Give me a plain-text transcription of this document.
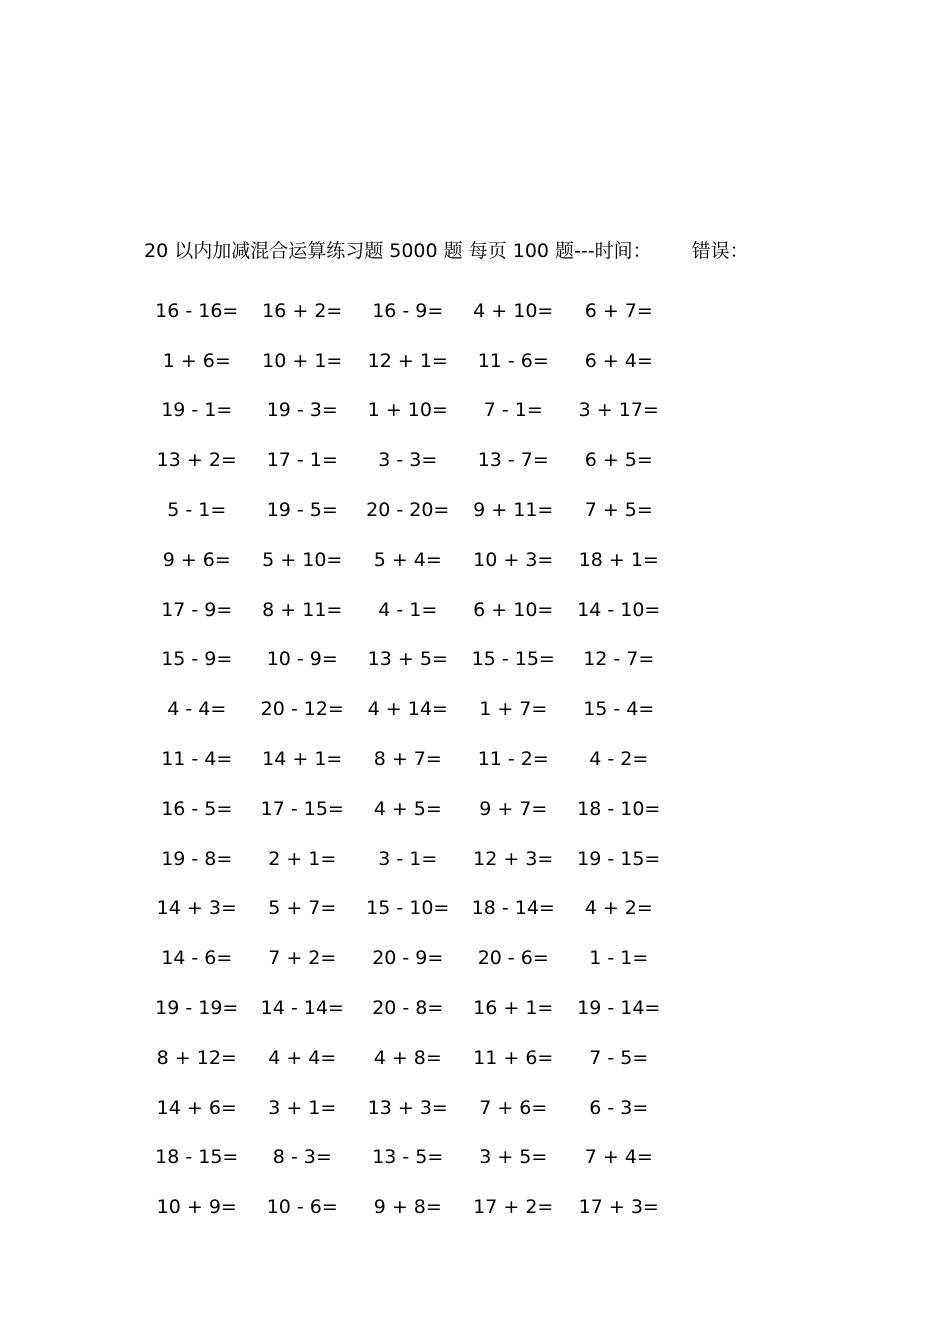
20 以内加减混合运算练习题 5000 题 每页 100 题---时间： 错误：
16 - 16=	16 + 2=	16 - 9=	4 + 10=	6 + 7=
1 + 6=	10 + 1=	12 + 1=	11 - 6=	6 + 4=
19 - 1=	19 - 3=	1 + 10=	7 - 1=	3 + 17=
13 + 2=	17 - 1=	3 - 3=	13 - 7=	6 + 5=
5 - 1=	19 - 5=	20 - 20=	9 + 11=	7 + 5=
9 + 6=	5 + 10=	5 + 4=	10 + 3=	18 + 1=
17 - 9=	8 + 11=	4 - 1=	6 + 10=	14 - 10=
15 - 9=	10 - 9=	13 + 5=	15 - 15=	12 - 7=
4 - 4=	20 - 12=	4 + 14=	1 + 7=	15 - 4=
11 - 4=	14 + 1=	8 + 7=	11 - 2=	4 - 2=
16 - 5=	17 - 15=	4 + 5=	9 + 7=	18 - 10=
19 - 8=	2 + 1=	3 - 1=	12 + 3=	19 - 15=
14 + 3=	5 + 7=	15 - 10=	18 - 14=	4 + 2=
14 - 6=	7 + 2=	20 - 9=	20 - 6=	1 - 1=
19 - 19=	14 - 14=	20 - 8=	16 + 1=	19 - 14=
8 + 12=	4 + 4=	4 + 8=	11 + 6=	7 - 5=
14 + 6=	3 + 1=	13 + 3=	7 + 6=	6 - 3=
18 - 15=	8 - 3=	13 - 5=	3 + 5=	7 + 4=
10 + 9=	10 - 6=	9 + 8=	17 + 2=	17 + 3=
